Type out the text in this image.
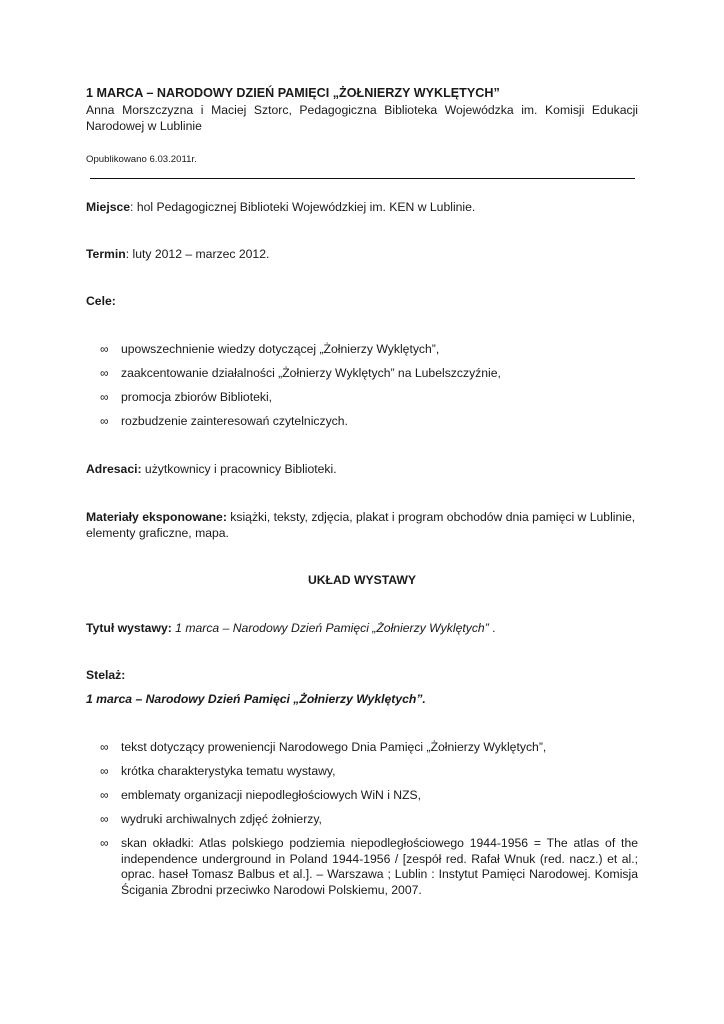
1 MARCA – NARODOWY DZIEŃ PAMIĘCI „ŻOŁNIERZY WYKLĘTYCH”
Anna Morszczyzna i Maciej Sztorc, Pedagogiczna Biblioteka Wojewódzka im. Komisji Edukacji Narodowej w Lublinie
Opublikowano 6.03.2011r.
Miejsce: hol Pedagogicznej Biblioteki Wojewódzkiej im. KEN w Lublinie.
Termin: luty 2012 – marzec 2012.
Cele:
∞ upowszechnienie wiedzy dotyczącej „Żołnierzy Wyklętych”,
∞ zaakcentowanie działalności „Żołnierzy Wyklętych” na Lubelszczyźnie,
∞ promocja zbiorów Biblioteki,
∞ rozbudzenie zainteresowań czytelniczych.
Adresaci: użytkownicy i pracownicy Biblioteki.
Materiały eksponowane: książki, teksty, zdjęcia, plakat i program obchodów dnia pamięci w Lublinie, elementy graficzne, mapa.
UKŁAD WYSTAWY
Tytuł wystawy: 1 marca – Narodowy Dzień Pamięci „Żołnierzy Wyklętych” .
Stelaż:
1 marca – Narodowy Dzień Pamięci „Żołnierzy Wyklętych”.
∞ tekst dotyczący proweniencji Narodowego Dnia Pamięci „Żołnierzy Wyklętych”,
∞ krótka charakterystyka tematu wystawy,
∞ emblematy organizacji niepodległościowych WiN i NZS,
∞ wydruki archiwalnych zdjęć żołnierzy,
∞ skan okładki: Atlas polskiego podziemia niepodległościowego 1944-1956 = The atlas of the independence underground in Poland 1944-1956 / [zespół red. Rafał Wnuk (red. nacz.) et al.; oprac. haseł Tomasz Balbus et al.]. – Warszawa ; Lublin : Instytut Pamięci Narodowej. Komisja Ścigania Zbrodni przeciwko Narodowi Polskiemu, 2007.
